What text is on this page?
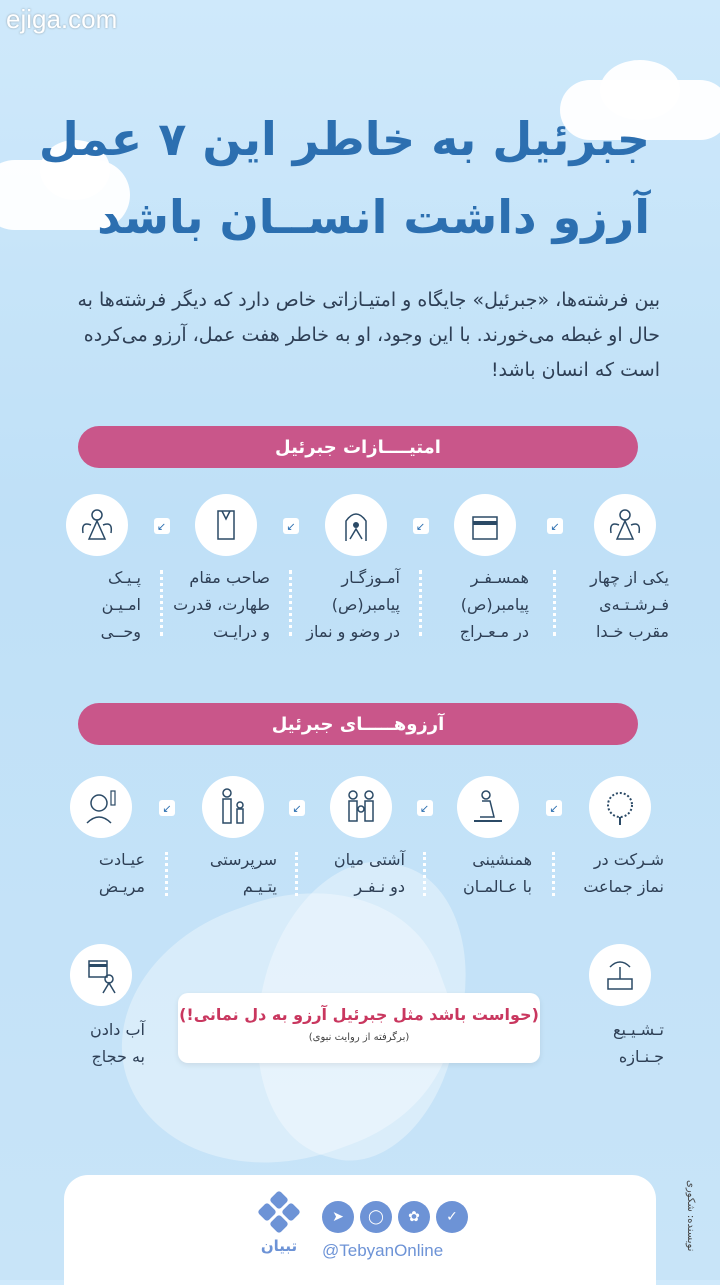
ejiga.com
جبرئیل به خاطر این ۷ عمل
آرزو داشت انســان باشد
بین فرشته‌ها، «جبرئیل» جایگاه و امتیـازاتی خاص دارد که دیگر فرشته‌ها به حال او غبطه می‌خورند. با این وجود، او به خاطر هفت عمل، آرزو می‌کرده است که انسان باشد!
امتیــــازات جبرئیل
یکی از چهار
فـرشـتـه‌ی
مقرب خـدا
↙
همسـفـر
پیامبر(ص)
در مـعـراج
↙
آمـوزگـار
پیامبر(ص)
در وضو و نماز
↙
صاحب مقام
طهارت، قدرت
و درایـت
↙
پـیـک
امـیـن
وحــی
آرزوهـــــای جبرئیل
شـرکت در
نماز جماعت
↙
همنشینی
با عـالمـان
↙
آشتی میان
دو نـفـر
↙
سرپرستی
یتـیـم
↙
عیـادت
مریـض
تـشـیـیع
جـنـازه
آب دادن
به حجاج
(حواست باشد مثل جبرئیل آرزو به دل نمانی!)
(برگرفته از روایت نبوی)
تبیان
➤	◯	✿	✓
@TebyanOnline	نویسنده: شکوری
